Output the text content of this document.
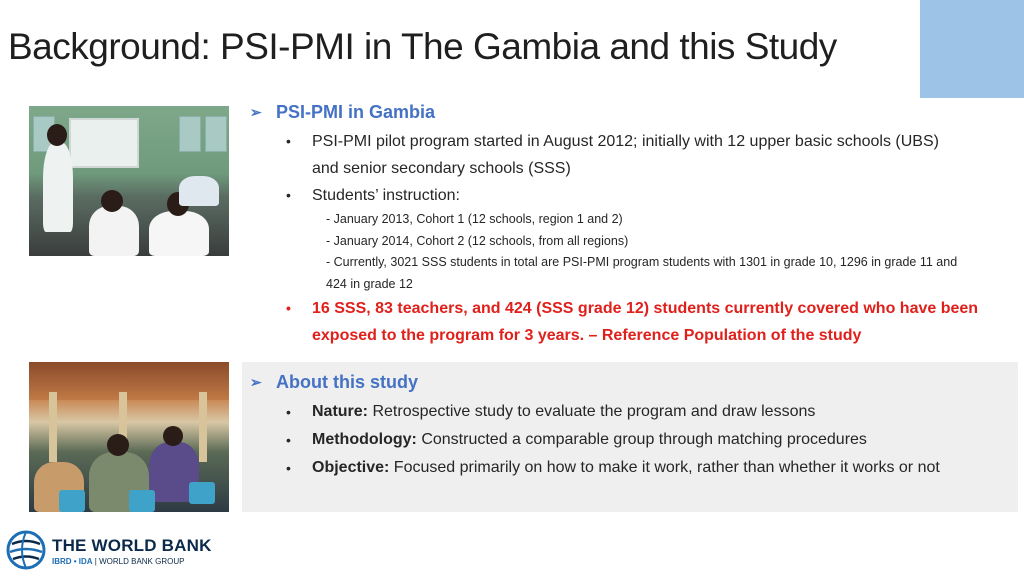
Background: PSI-PMI in The Gambia and this Study
➢ PSI-PMI in Gambia
• PSI-PMI pilot program started in August 2012; initially with 12 upper basic schools (UBS)
and senior secondary schools (SSS)
• Students’ instruction:
- January 2013, Cohort 1 (12 schools, region 1 and 2)
- January 2014, Cohort 2 (12 schools, from all regions)
- Currently, 3021 SSS students in total are PSI-PMI program students with 1301 in grade 10, 1296 in grade 11 and
424 in grade 12
• 16 SSS, 83 teachers, and 424 (SSS grade 12) students currently covered who have been
exposed to the program for 3 years. – Reference Population of the study
➢ About this study
• Nature: Retrospective study to evaluate the program and draw lessons
• Methodology: Constructed a comparable group through matching procedures
• Objective: Focused primarily on how to make it work, rather than whether it works or not
THE WORLD BANK
IBRD • IDA | WORLD BANK GROUP
